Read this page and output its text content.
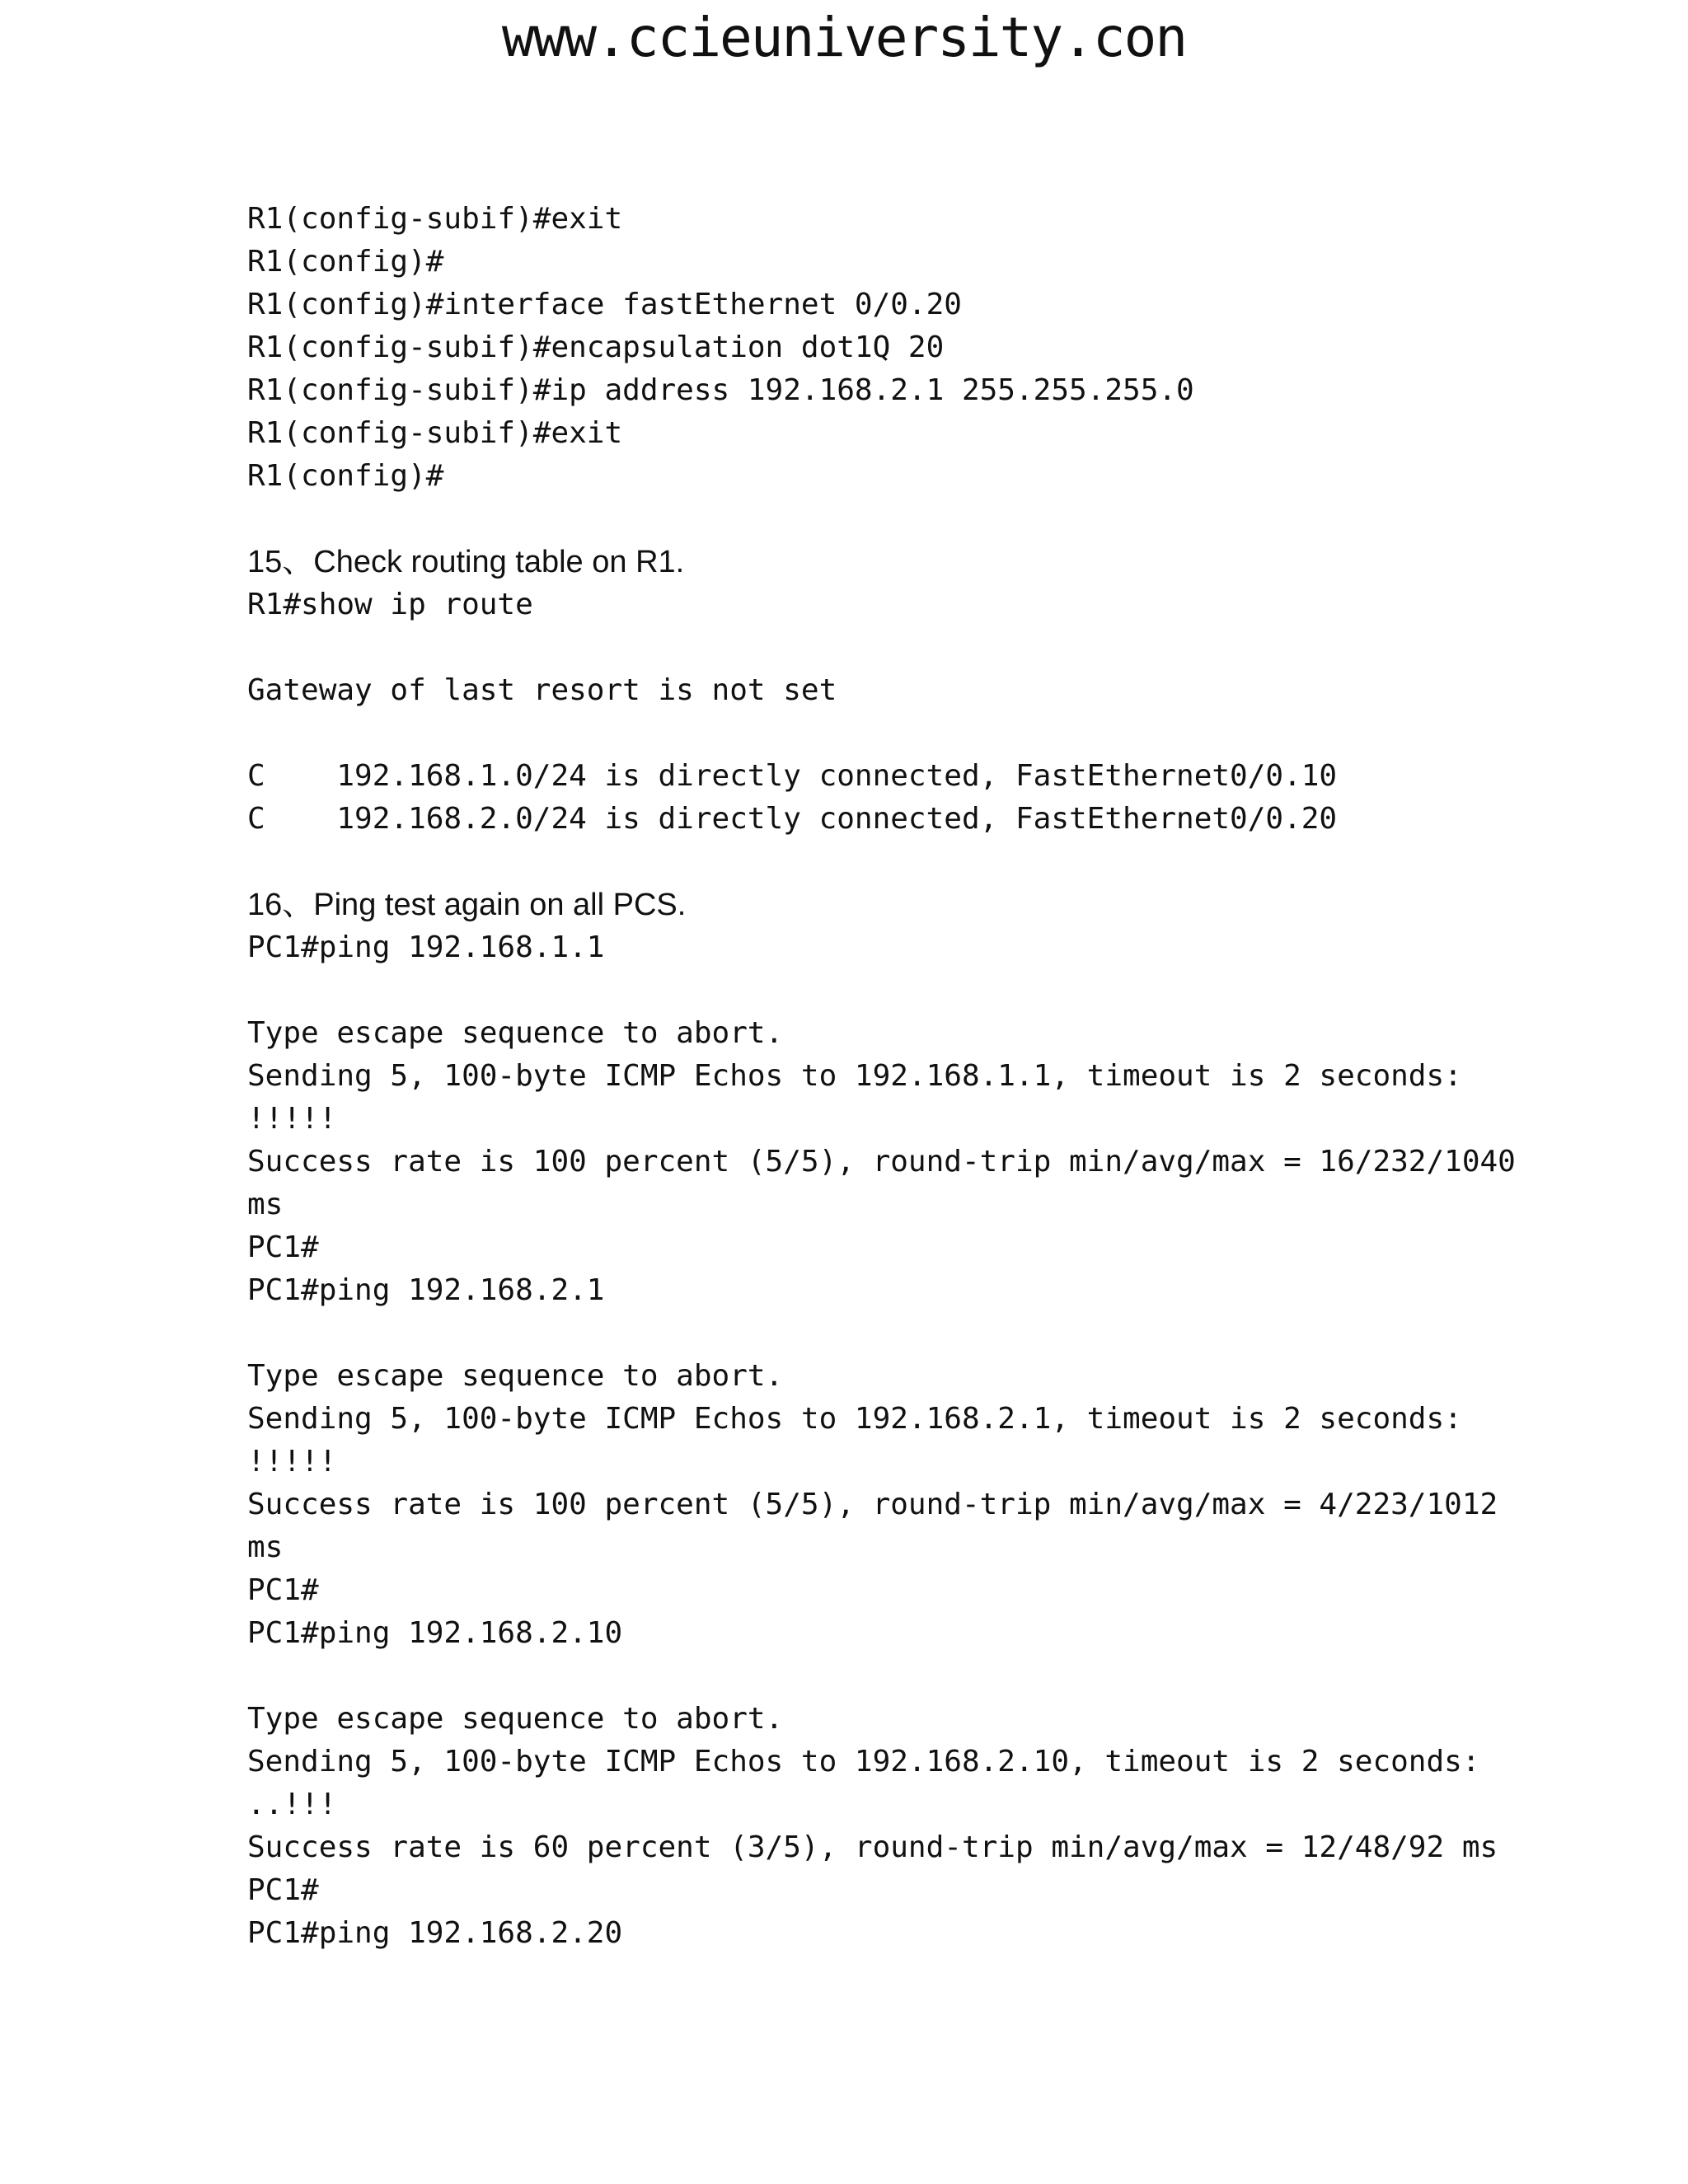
www.ccieuniversity.con
R1(config-subif)#exit
R1(config)#
R1(config)#interface fastEthernet 0/0.20
R1(config-subif)#encapsulation dot1Q 20
R1(config-subif)#ip address 192.168.2.1 255.255.255.0
R1(config-subif)#exit
R1(config)#
15、Check routing table on R1.
R1#show ip route
Gateway of last resort is not set
C    192.168.1.0/24 is directly connected, FastEthernet0/0.10
C    192.168.2.0/24 is directly connected, FastEthernet0/0.20
16、Ping test again on all PCS.
PC1#ping 192.168.1.1
Type escape sequence to abort.
Sending 5, 100-byte ICMP Echos to 192.168.1.1, timeout is 2 seconds:
!!!!!
Success rate is 100 percent (5/5), round-trip min/avg/max = 16/232/1040
ms
PC1#
PC1#ping 192.168.2.1
Type escape sequence to abort.
Sending 5, 100-byte ICMP Echos to 192.168.2.1, timeout is 2 seconds:
!!!!!
Success rate is 100 percent (5/5), round-trip min/avg/max = 4/223/1012
ms
PC1#
PC1#ping 192.168.2.10
Type escape sequence to abort.
Sending 5, 100-byte ICMP Echos to 192.168.2.10, timeout is 2 seconds:
..!!!
Success rate is 60 percent (3/5), round-trip min/avg/max = 12/48/92 ms
PC1#
PC1#ping 192.168.2.20
